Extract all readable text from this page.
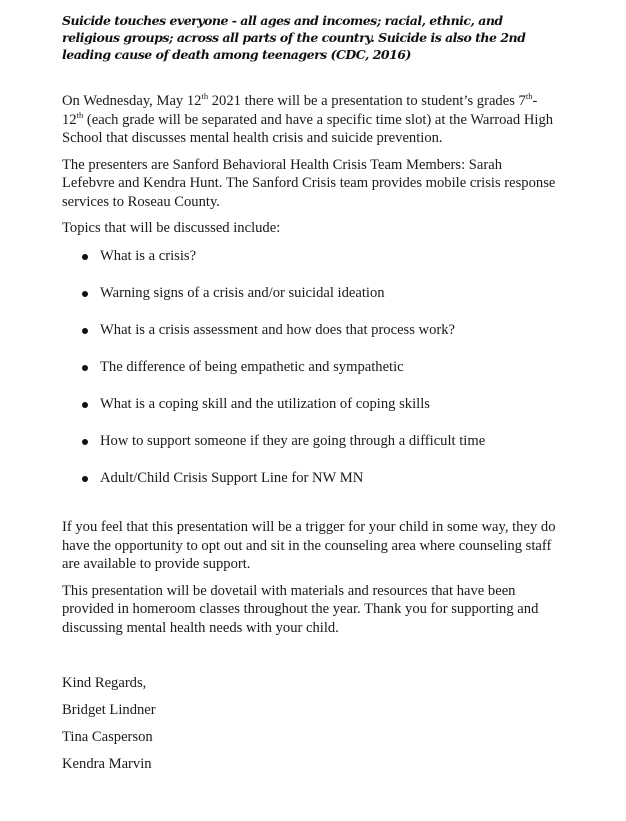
Suicide touches everyone - all ages and incomes; racial, ethnic, and religious groups; across all parts of the country. Suicide is also the 2nd leading cause of death among teenagers (CDC, 2016)

On Wednesday, May 12th 2021 there will be a presentation to student’s grades 7th-12th (each grade will be separated and have a specific time slot) at the Warroad High School that discusses mental health crisis and suicide prevention.

The presenters are Sanford Behavioral Health Crisis Team Members: Sarah Lefebvre and Kendra Hunt. The Sanford Crisis team provides mobile crisis response services to Roseau County.

Topics that will be discussed include:

What is a crisis?
Warning signs of a crisis and/or suicidal ideation
What is a crisis assessment and how does that process work?
The difference of being empathetic and sympathetic
What is a coping skill and the utilization of coping skills
How to support someone if they are going through a difficult time
Adult/Child Crisis Support Line for NW MN

If you feel that this presentation will be a trigger for your child in some way, they do have the opportunity to opt out and sit in the counseling area where counseling staff are available to provide support.

This presentation will be dovetail with materials and resources that have been provided in homeroom classes throughout the year. Thank you for supporting and discussing mental health needs with your child.

Kind Regards,
Bridget Lindner
Tina Casperson
Kendra Marvin
